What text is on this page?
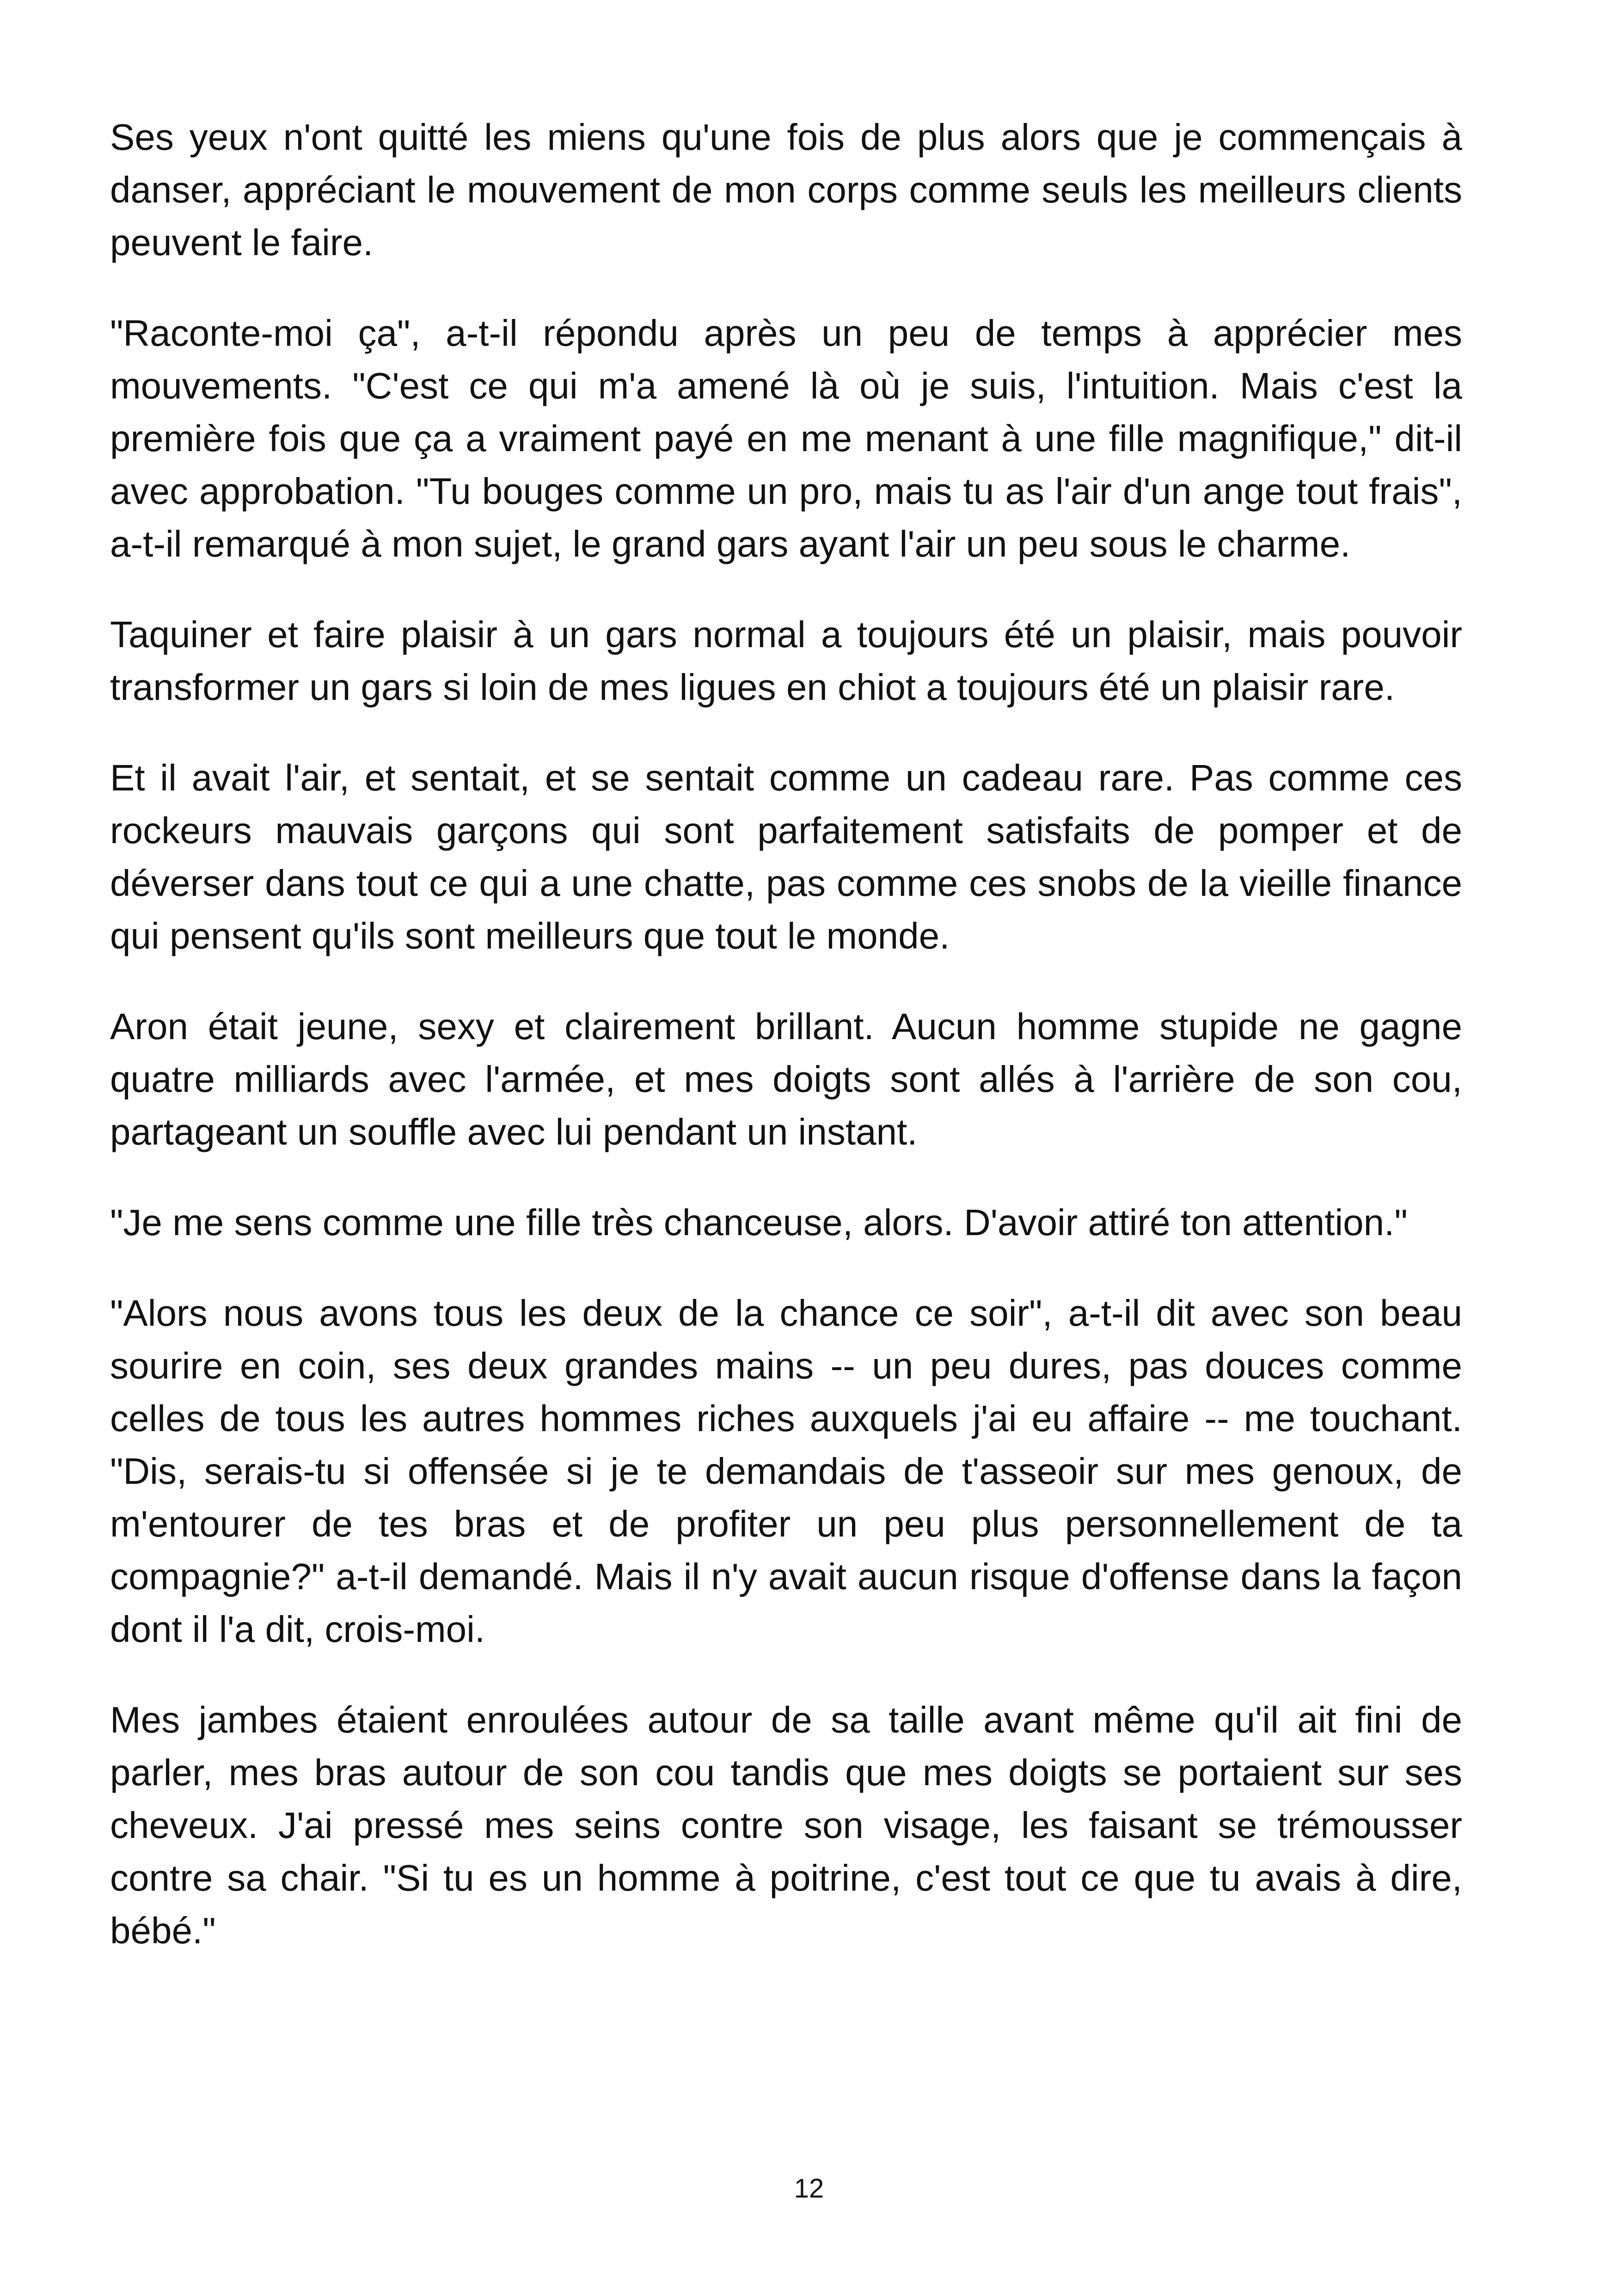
Ses yeux n'ont quitté les miens qu'une fois de plus alors que je commençais à danser, appréciant le mouvement de mon corps comme seuls les meilleurs clients peuvent le faire.

"Raconte-moi ça", a-t-il répondu après un peu de temps à apprécier mes mouvements. "C'est ce qui m'a amené là où je suis, l'intuition. Mais c'est la première fois que ça a vraiment payé en me menant à une fille magnifique," dit-il avec approbation. "Tu bouges comme un pro, mais tu as l'air d'un ange tout frais", a-t-il remarqué à mon sujet, le grand gars ayant l'air un peu sous le charme.

Taquiner et faire plaisir à un gars normal a toujours été un plaisir, mais pouvoir transformer un gars si loin de mes ligues en chiot a toujours été un plaisir rare.

Et il avait l'air, et sentait, et se sentait comme un cadeau rare. Pas comme ces rockeurs mauvais garçons qui sont parfaitement satisfaits de pomper et de déverser dans tout ce qui a une chatte, pas comme ces snobs de la vieille finance qui pensent qu'ils sont meilleurs que tout le monde.

Aron était jeune, sexy et clairement brillant. Aucun homme stupide ne gagne quatre milliards avec l'armée, et mes doigts sont allés à l'arrière de son cou, partageant un souffle avec lui pendant un instant.

"Je me sens comme une fille très chanceuse, alors. D'avoir attiré ton attention."

"Alors nous avons tous les deux de la chance ce soir", a-t-il dit avec son beau sourire en coin, ses deux grandes mains -- un peu dures, pas douces comme celles de tous les autres hommes riches auxquels j'ai eu affaire -- me touchant. "Dis, serais-tu si offensée si je te demandais de t'asseoir sur mes genoux, de m'entourer de tes bras et de profiter un peu plus personnellement de ta compagnie?" a-t-il demandé. Mais il n'y avait aucun risque d'offense dans la façon dont il l'a dit, crois-moi.

Mes jambes étaient enroulées autour de sa taille avant même qu'il ait fini de parler, mes bras autour de son cou tandis que mes doigts se portaient sur ses cheveux. J'ai pressé mes seins contre son visage, les faisant se trémousser contre sa chair. "Si tu es un homme à poitrine, c'est tout ce que tu avais à dire, bébé."

12
